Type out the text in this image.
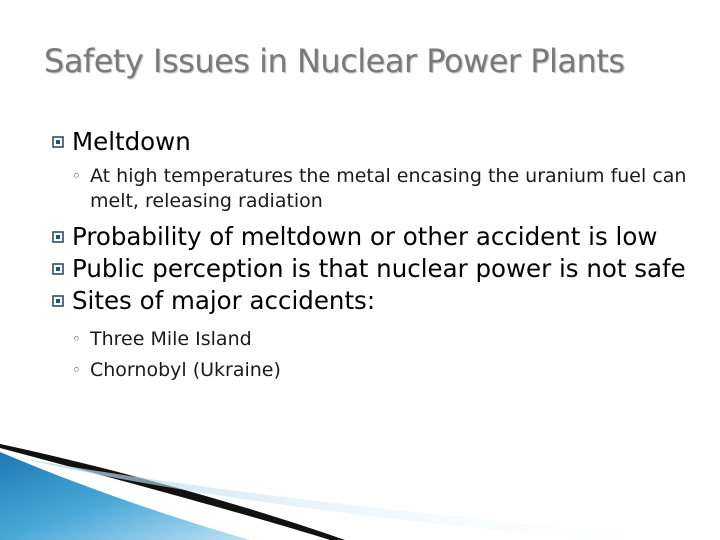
Safety Issues in Nuclear Power Plants
Meltdown
◦ At high temperatures the metal encasing the uranium fuel can melt, releasing radiation
Probability of meltdown or other accident is low
Public perception is that nuclear power is not safe
Sites of major accidents:
◦ Three Mile Island
◦ Chornobyl (Ukraine)
